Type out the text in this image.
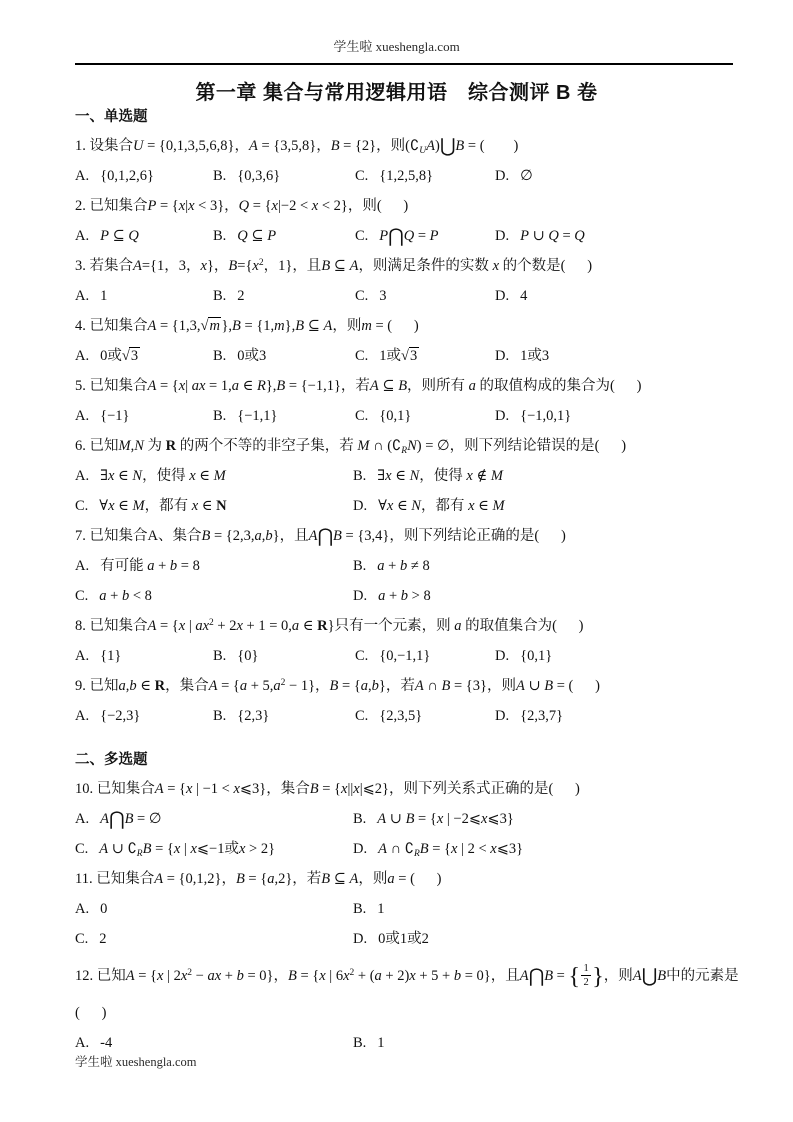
学生啦 xueshengla.com
第一章 集合与常用逻辑用语　综合测评 B 卷
一、单选题
1. 设集合U = {0,1,3,5,6,8}，A = {3,5,8}，B = {2}，则$(∁_UA)⋃B$ = (        )
A. {0,1,2,6}	B. {0,3,6}	C. {1,2,5,8}	D. ∅
2. 已知集合P = {x|x < 3}，Q = {x|−2 < x < 2}，则(      )
A. P ⊆ Q	B. Q ⊆ P	C. P⋂Q = P	D. P ∪ Q = Q
3. 若集合A={1，3，x}，$B=\{x^2$，1}，且B ⊆ A，则满足条件的实数 x 的个数是(      )
A. 1	B. 2	C. 3	D. 4
4. 已知集合A = {1,3,√m },B = {1,m},B ⊆ A，则m = (      )
A. 0或√3	B. 0或3	C. 1或√3	D. 1或3
5. 已知集合A = {x| ax = 1,a ∈ R},B = {−1,1}，若A ⊆ B，则所有 a 的取值构成的集合为(      )
A. {−1}	B. {−1,1}	C. {0,1}	D. {−1,0,1}
6. 已知M,N 为 R 的两个不等的非空子集，若 M ∩ $(∁_RN)$ = ∅，则下列结论错误的是(      )
A. ∃x ∈ N，使得 x ∈ M	B. ∃x ∈ N，使得 x ∉ M
C. ∀x ∈ M，都有 x ∈ N	D. ∀x ∈ N，都有 x ∈ M
7. 已知集合A、集合B = {2,3,a,b}，且A⋂B = {3,4}，则下列结论正确的是(      )
A. 有可能 a + b = 8	B. a + b ≠ 8
C. a + b < 8	D. a + b > 8
8. 已知集合A = {x | $ax^2 + 2x + 1 = 0,a$ ∈ R}只有一个元素，则 a 的取值集合为(      )
A. {1}	B. {0}	C. {0,−1,1}	D. {0,1}
9. 已知a,b ∈ R，集合$A = \{a + 5,a^2 - 1\}$，B = {a,b}，若A ∩ B = {3}，则A ∪ B = (      )
A. {−2,3}	B. {2,3}	C. {2,3,5}	D. {2,3,7}
二、多选题
10. 已知集合A = {x | −1 < x⩽3}，集合B = {x||x|⩽2}，则下列关系式正确的是(      )
A. A⋂B = ∅	B. A ∪ B = {x | −2⩽x⩽3}
C. A ∪ $∁_RB = \{x$ | x⩽−1或x > 2}	D. A ∩ $∁_RB = \{x$ | 2 < x⩽3}
11. 已知集合A = {0,1,2}，B = {a,2}，若B ⊆ A，则a = (      )
A. 0	B. 1
C. 2	D. 0或1或2
12. 已知A = {x | $2x^2$ − ax + b = 0}，B = {x | $6x^2 + (a + 2)x + 5 + b = 0$}，且A⋂B = { $\frac{1}{2}$ }，则A⋃B中的元素是
(      )
A. -4	B. 1
学生啦 xueshengla.com
